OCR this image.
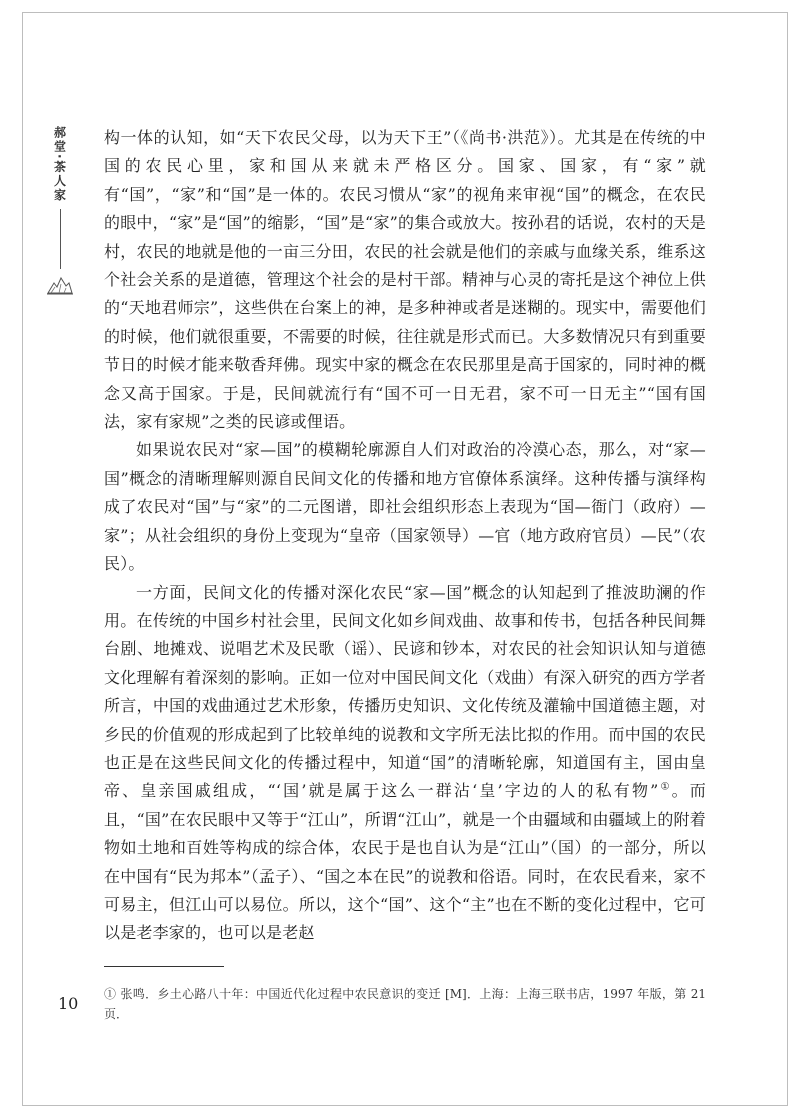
郝堂·茶人家 构一体的认知，如“天下农民父母，以为天下王”（《尚书·洪范》）。尤其是在传统的中国的农民心里，家和国从来就未严格区分。国家、国家，有“家”就有“国”，“家”和“国”是一体的。农民习惯从“家”的视角来审视“国”的概念，在农民的眼中，“家”是“国”的缩影，“国”是“家”的集合或放大。按孙君的话说，农村的天是村，农民的地就是他的一亩三分田，农民的社会就是他们的亲戚与血缘关系，维系这个社会关系的是道德，管理这个社会的是村干部。精神与心灵的寄托是这个神位上供的“天地君师宗”，这些供在台案上的神，是多种神或者是迷糊的。现实中，需要他们的时候，他们就很重要，不需要的时候，往往就是形式而已。大多数情况只有到重要节日的时候才能来敬香拜佛。现实中家的概念在农民那里是高于国家的，同时神的概念又高于国家。于是，民间就流行有“国不可一日无君，家不可一日无主”“国有国法，家有家规”之类的民谚或俚语。

如果说农民对“家—国”的模糊轮廓源自人们对政治的冷漠心态，那么，对“家—国”概念的清晰理解则源自民间文化的传播和地方官僚体系演绎。这种传播与演绎构成了农民对“国”与“家”的二元图谱，即社会组织形态上表现为“国—衙门（政府）—家”；从社会组织的身份上变现为“皇帝（国家领导）—官（地方政府官员）—民”（农民）。

一方面，民间文化的传播对深化农民“家—国”概念的认知起到了推波助澜的作用。在传统的中国乡村社会里，民间文化如乡间戏曲、故事和传书，包括各种民间舞台剧、地摊戏、说唱艺术及民歌（谣）、民谚和钞本，对农民的社会知识认知与道德文化理解有着深刻的影响。正如一位对中国民间文化（戏曲）有深入研究的西方学者所言，中国的戏曲通过艺术形象，传播历史知识、文化传统及灌输中国道德主题，对乡民的价值观的形成起到了比较单纯的说教和文字所无法比拟的作用。而中国的农民也正是在这些民间文化的传播过程中，知道“国”的清晰轮廓，知道国有主，国由皇帝、皇亲国戚组成，“‘国’就是属于这么一群沾‘皇’字边的人的私有物”①。而且，“国”在农民眼中又等于“江山”，所谓“江山”，就是一个由疆域和由疆域上的附着物如土地和百姓等构成的综合体，农民于是也自认为是“江山”（国）的一部分，所以在中国有“民为邦本”（孟子）、“国之本在民”的说教和俗语。同时，在农民看来，家不可易主，但江山可以易位。所以，这个“国”、这个“主”也在不断的变化过程中，它可以是老李家的，也可以是老赵

① 张鸣．乡土心路八十年：中国近代化过程中农民意识的变迁 [M]．上海：上海三联书店，1997 年版，第 21 页．
10
